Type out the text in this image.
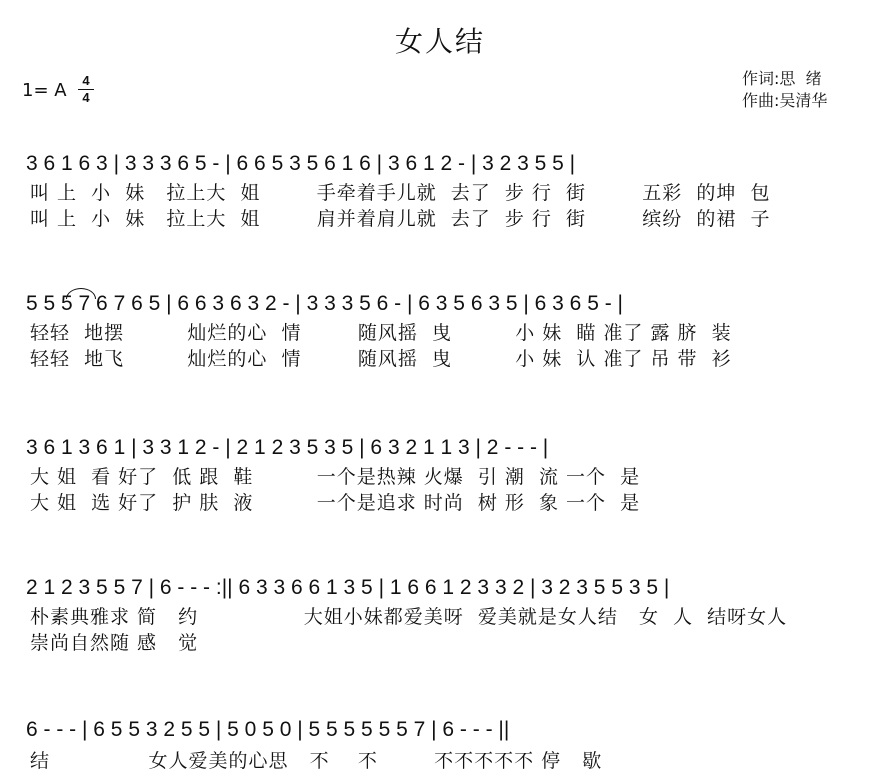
女人结
1= A	4
4
作词:思  绪
作曲:吴清华
3 6 1 6 3 | 3 3 3 6 5 - | 6 6 5 3 5 6 1 6 | 3 6 1 2 - | 3 2 3 5 5 |
叫 上  小  妹   拉上大  姐        手牵着手儿就  去了  步 行  街        五彩  的坤  包
叫 上  小  妹   拉上大  姐        肩并着肩儿就  去了  步 行  街        缤纷  的裙  子
5 5 5 7 6 7 6 5 | 6 6 3 6 3 2 - | 3 3 3 5 6 - | 6 3 5 6 3 5 | 6 3 6 5 - |
轻轻  地摆         灿烂的心  情        随风摇  曳         小 妹  瞄 准了 露 脐  装
轻轻  地飞         灿烂的心  情        随风摇  曳         小 妹  认 准了 吊 带  衫
3 6 1 3 6 1 | 3 3 1 2 - | 2 1 2 3 5 3 5 | 6 3 2 1 1 3 | 2 - - - |
大 姐  看 好了  低 跟  鞋         一个是热辣 火爆  引 潮  流 一个  是
大 姐  选 好了  护 肤  液         一个是追求 时尚  树 形  象 一个  是
2 1 2 3 5 5 7 | 6 - - - :|| 6 3 3 6 6 1 3 5 | 1 6 6 1 2 3 3 2 | 3 2 3 5 5 3 5 |
朴素典雅求 简   约               大姐小妹都爱美呀  爱美就是女人结   女  人  结呀女人
崇尚自然随 感   觉
6 - - - | 6 5 5 3 2 5 5 | 5 0 5 0 | 5 5 5 5 5 5 7 | 6 - - - ||
结              女人爱美的心思   不    不        不不不不不 停   歇
